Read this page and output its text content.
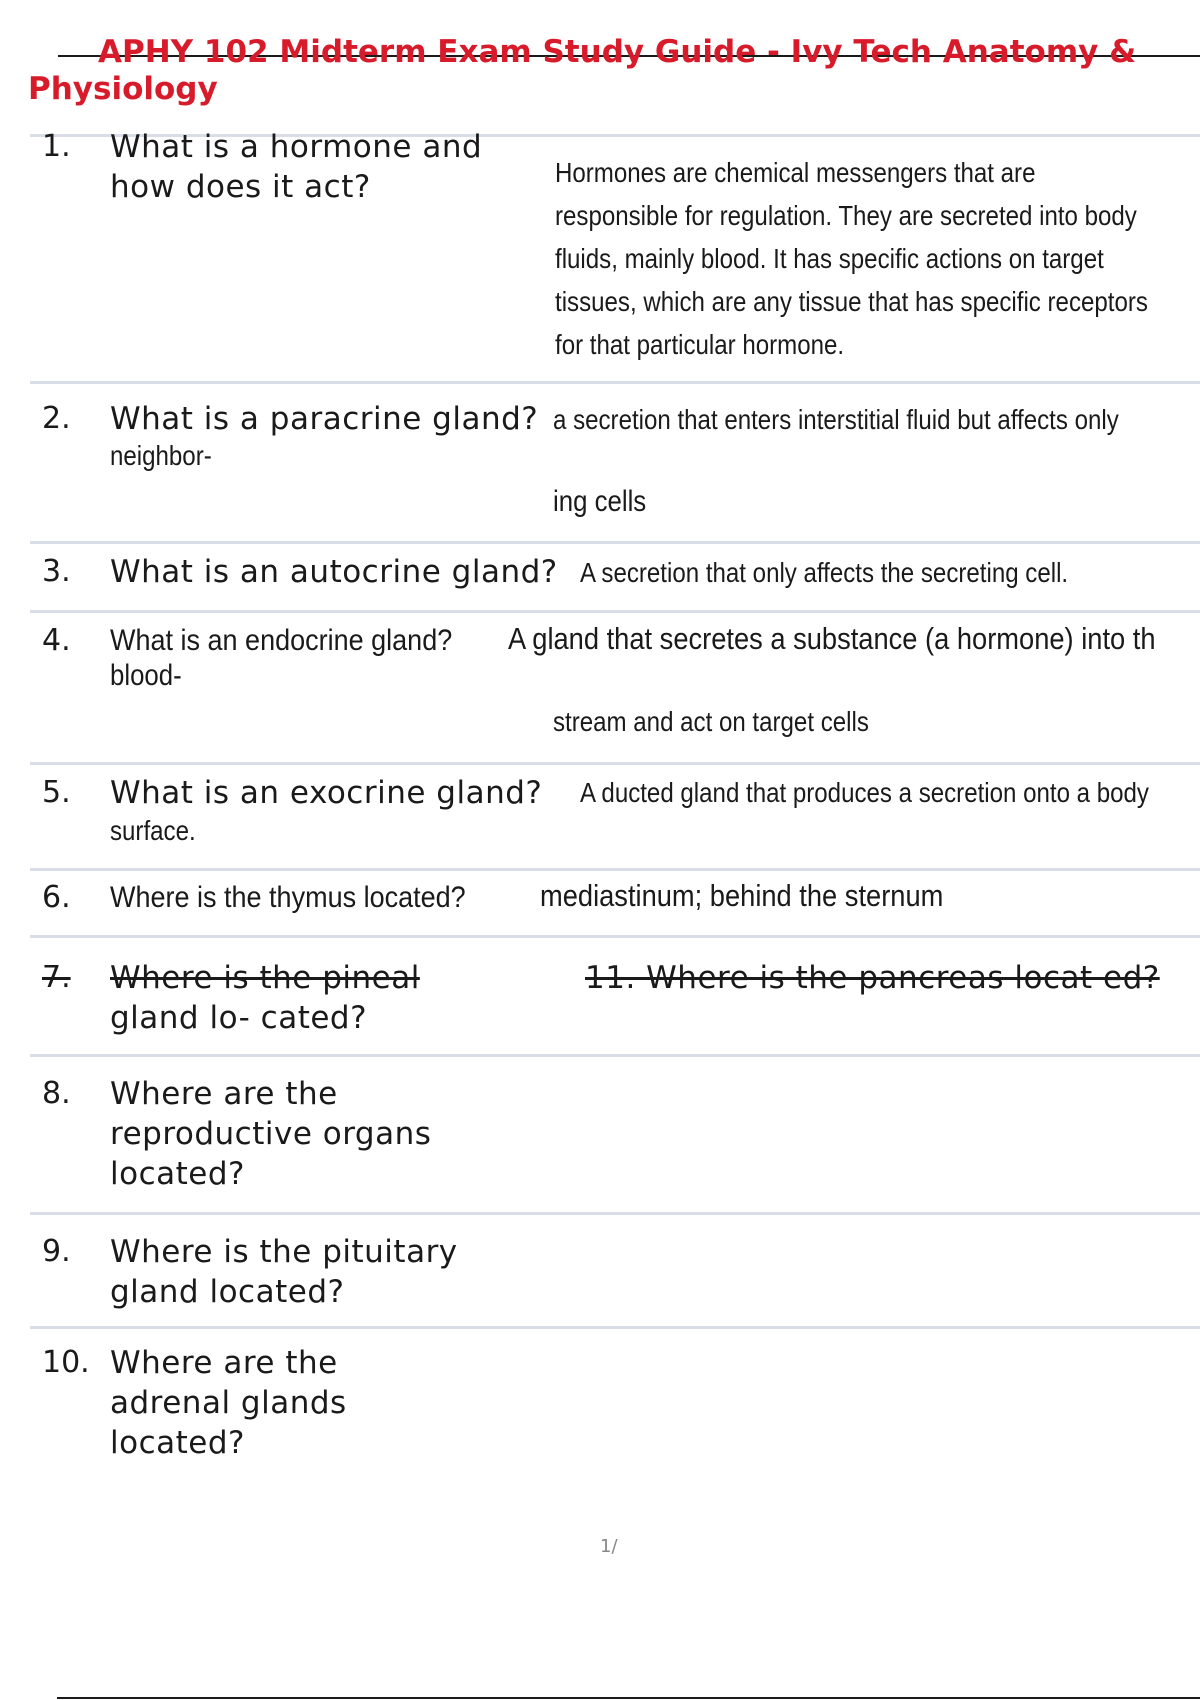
APHY 102 Midterm Exam Study Guide - Ivy Tech Anatomy & Physiology
1. What is a hormone and
how does it act?	Hormones are chemical messengers that are
responsible for regulation. They are secreted into body
fluids, mainly blood. It has specific actions on target
tissues, which are any tissue that has specific receptors
for that particular hormone.
2. What is a paracrine gland? a secretion that enters interstitial fluid but affects only
neighbor-
ing cells
3. What is an autocrine gland? A secretion that only affects the secreting cell.
4. What is an endocrine gland? A gland that secretes a substance (a hormone) into th
blood-
stream and act on target cells
5. What is an exocrine gland? A ducted gland that produces a secretion onto a body
surface.
6. Where is the thymus located? mediastinum; behind the sternum
7. Where is the pineal
gland lo- cated?
11. Where is the pancreas locat ed?
8. Where are the
reproductive organs
located?
9. Where is the pituitary
gland located?
10. Where are the
adrenal glands
located?
1/
